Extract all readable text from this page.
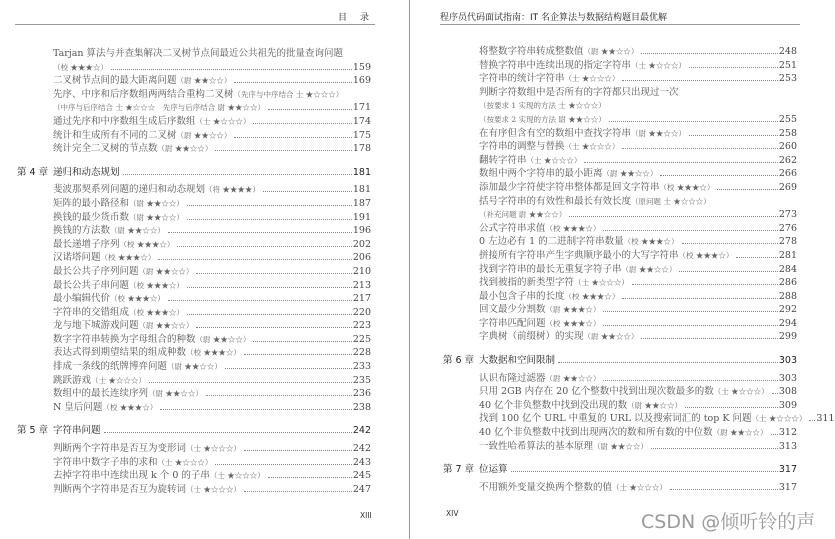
目　录
Tarjan 算法与并查集解决二叉树节点间最近公共祖先的批量查询问题
（校 ★★★☆）	159
二叉树节点间的最大距离问题 （尉 ★★☆☆）	169
先序、中序和后序数组两两结合重构二叉树 （先序与中序结合 士 ★☆☆☆）
（中序与后序结合 士 ★☆☆☆　先序与后序结合 尉 ★★☆☆）	171
通过先序和中序数组生成后序数组 （士 ★☆☆☆）	174
统计和生成所有不同的二叉树 （尉 ★★☆☆）	175
统计完全二叉树的节点数 （尉 ★★☆☆）	178
第 4 章 递归和动态规划	181
斐波那契系列问题的递归和动态规划 （将 ★★★★）	181
矩阵的最小路径和 （尉 ★★☆☆）	187
换钱的最少货币数 （尉 ★★☆☆）	191
换钱的方法数 （尉 ★★☆☆）	196
最长递增子序列 （校 ★★★☆）	202
汉诺塔问题 （校 ★★★☆）	206
最长公共子序列问题 （尉 ★★☆☆）	210
最长公共子串问题 （校 ★★★☆）	213
最小编辑代价 （校 ★★★☆）	217
字符串的交错组成 （校 ★★★☆）	220
龙与地下城游戏问题 （尉 ★★☆☆）	223
数字字符串转换为字母组合的种数 （尉 ★★☆☆）	225
表达式得到期望结果的组成种数 （校 ★★★☆）	228
排成一条线的纸牌博弈问题 （尉 ★★☆☆）	233
跳跃游戏 （士 ★☆☆☆）	235
数组中的最长连续序列 （尉 ★★☆☆）	236
N 皇后问题 （校 ★★★☆）	238
第 5 章 字符串问题	242
判断两个字符串是否互为变形词 （士 ★☆☆☆）	242
字符串中数字子串的求和 （士 ★☆☆☆）	243
去掉字符串中连续出现 k 个 0 的子串 （士 ★☆☆☆）	245
判断两个字符串是否互为旋转词 （士 ★☆☆☆）	247
XIII
程序员代码面试指南：IT 名企算法与数据结构题目最优解
将整数字符串转成整数值 （尉 ★★☆☆）	248
替换字符串中连续出现的指定字符串 （士 ★☆☆☆）	251
字符串的统计字符串 （士 ★☆☆☆）	253
判断字符数组中是否所有的字符都只出现过一次
（按要求 1 实现的方法 士 ★☆☆☆）
（按要求 2 实现的方法 尉 ★★☆☆）	255
在有序但含有空的数组中查找字符串 （尉 ★★☆☆）	258
字符串的调整与替换 （士 ★☆☆☆）	260
翻转字符串 （士 ★☆☆☆）	262
数组中两个字符串的最小距离 （尉 ★★☆☆）	266
添加最少字符使字符串整体都是回文字符串 （校 ★★★☆）	269
括号字符串的有效性和最长有效长度 （原问题 士 ★☆☆☆）
（补充问题 尉 ★★☆☆）	273
公式字符串求值 （校 ★★★☆）	276
0 左边必有 1 的二进制字符串数量 （校 ★★★☆）	278
拼接所有字符串产生字典顺序最小的大写字符串 （校 ★★★☆）	281
找到字符串的最长无重复字符子串 （尉 ★★☆☆）	284
找到被指的新类型字符 （士 ★☆☆☆）	286
最小包含子串的长度 （校 ★★★☆）	288
回文最少分割数 （尉 ★★★☆）	292
字符串匹配问题 （校 ★★★☆）	294
字典树（前缀树）的实现 （尉 ★★☆☆）	299
第 6 章 大数据和空间限制	303
认识布隆过滤器 （尉 ★★☆☆）	303
只用 2GB 内存在 20 亿个整数中找到出现次数最多的数 （士 ★☆☆☆） 308
40 亿个非负整数中找到没出现的数 （尉 ★★☆☆）	309
找到 100 亿个 URL 中重复的 URL 以及搜索词汇的 top K 问题 （士 ★☆☆☆） 311
40 亿个非负整数中找到出现两次的数和所有数的中位数 （尉 ★★☆☆） 312
一致性哈希算法的基本原理 （尉 ★★☆☆）	313
第 7 章 位运算	317
不用额外变量交换两个整数的值 （士 ★☆☆☆）	317
XIV	CSDN @倾听铃的声
